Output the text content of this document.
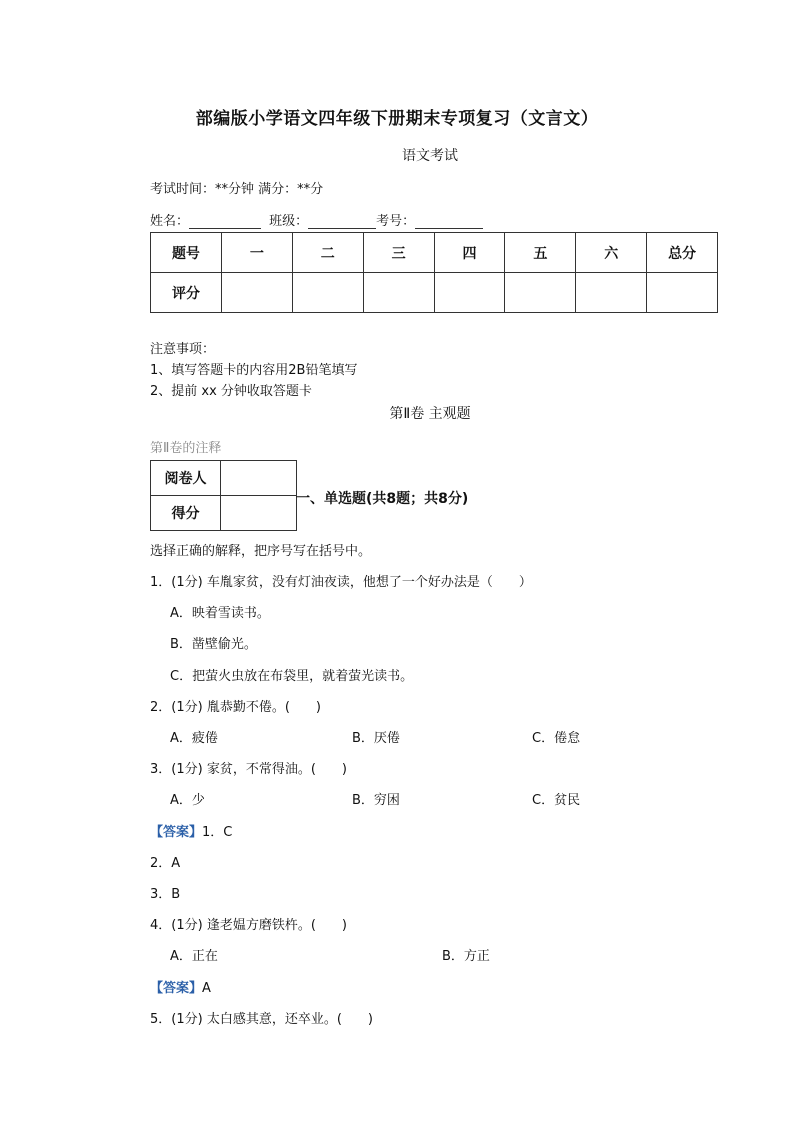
部编版小学语文四年级下册期末专项复习（文言文）
语文考试
考试时间：**分钟 满分：**分
姓名：	班级：	考号：
题号	一	二	三	四	五	六	总分
评分							
注意事项：
1、填写答题卡的内容用2B铅笔填写
2、提前 xx 分钟收取答题卡
第Ⅱ卷 主观题
第Ⅱ卷的注释
阅卷人	
得分	
一、单选题(共8题；共8分)
选择正确的解释，把序号写在括号中。
1．(1分) 车胤家贫，没有灯油夜读，他想了一个好办法是（　　）
A．映着雪读书。
B．凿壁偷光。
C．把萤火虫放在布袋里，就着萤光读书。
2．(1分) 胤恭勤不倦。(　　)
A．疲倦	B．厌倦	C．倦怠
3．(1分) 家贫，不常得油。(　　)
A．少	B．穷困	C．贫民
【答案】1．C
2．A
3．B
4．(1分) 逢老媪方磨铁杵。(　　)
A．正在	B．方正
【答案】A
5．(1分) 太白感其意，还卒业。(　　)
